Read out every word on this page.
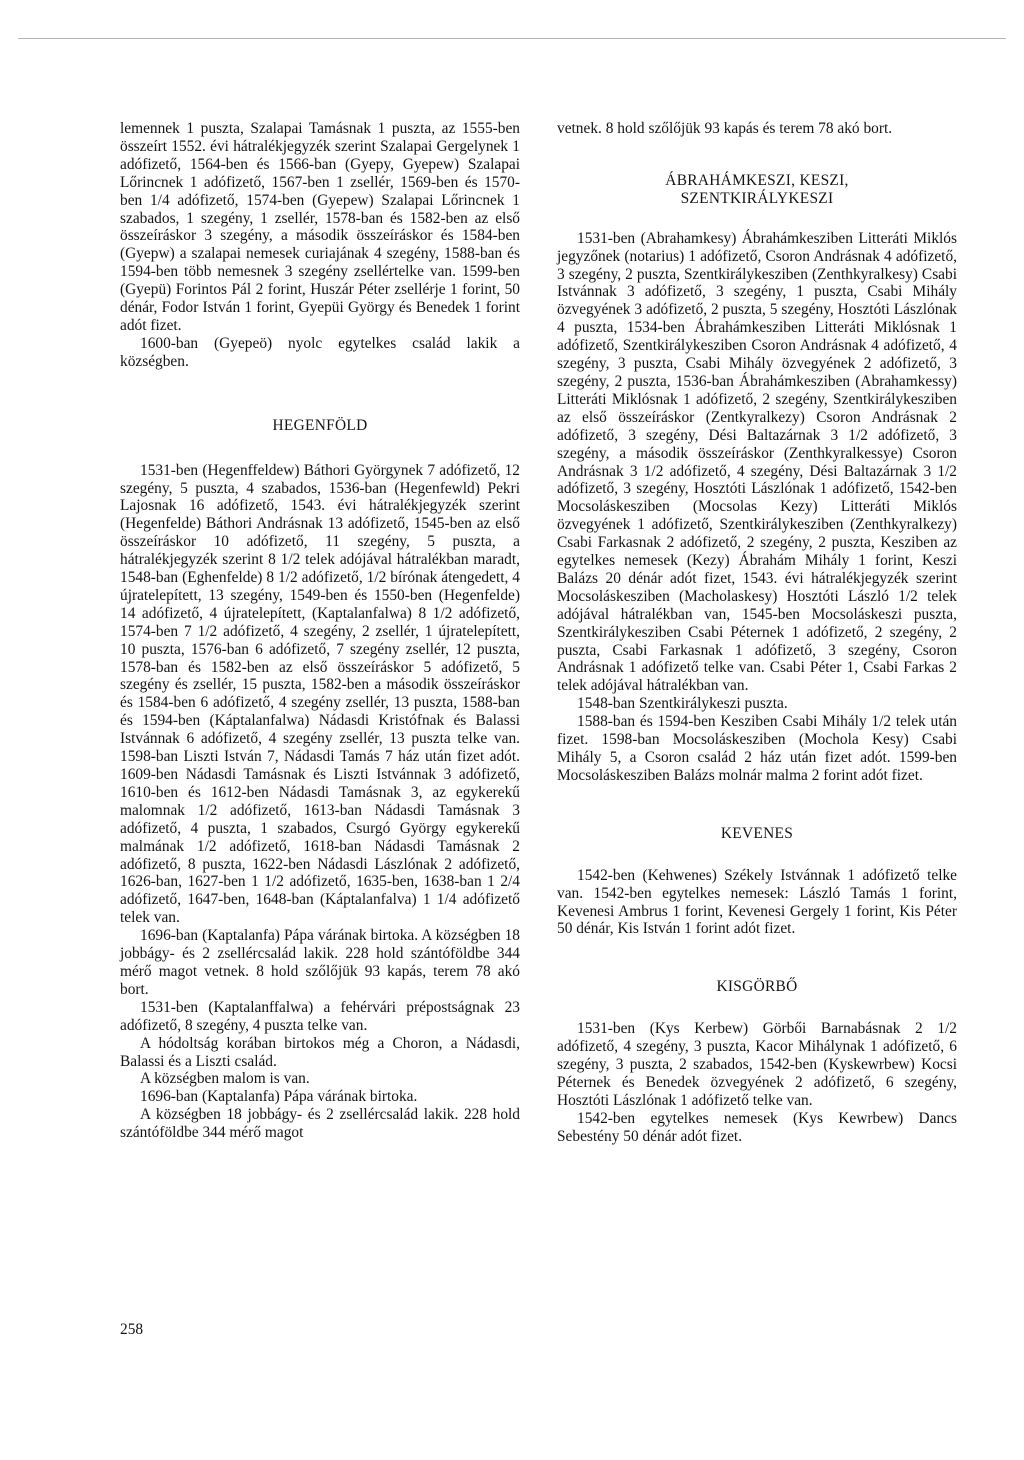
lemennek 1 puszta, Szalapai Tamásnak 1 puszta, az 1555-ben összeírt 1552. évi hátralékjegyzék szerint Szalapai Gergelynek 1 adófizető, 1564-ben és 1566-ban (Gyepy, Gyepew) Szalapai Lőrincnek 1 adófizető, 1567-ben 1 zsellér, 1569-ben és 1570-ben 1/4 adófizető, 1574-ben (Gyepew) Szalapai Lőrincnek 1 szabados, 1 szegény, 1 zsellér, 1578-ban és 1582-ben az első összeíráskor 3 szegény, a második összeíráskor és 1584-ben (Gyepw) a szalapai nemesek curiajának 4 szegény, 1588-ban és 1594-ben több nemesnek 3 szegény zsellértelke van. 1599-ben (Gyepü) Forintos Pál 2 forint, Huszár Péter zsellérje 1 forint, 50 dénár, Fodor István 1 forint, Gyepüi György és Benedek 1 forint adót fizet.

1600-ban (Gyepeö) nyolc egytelkes család lakik a községben.

HEGENFÖLD

1531-ben (Hegenffeldew) Báthori Györgynek 7 adófizető, 12 szegény, 5 puszta, 4 szabados, 1536-ban (Hegenfewld) Pekri Lajosnak 16 adófizető, 1543. évi hátralékjegyzék szerint (Hegenfelde) Báthori Andrásnak 13 adófizető, 1545-ben az első összeíráskor 10 adófizető, 11 szegény, 5 puszta, a hátralékjegyzék szerint 8 1/2 telek adójával hátralékban maradt, 1548-ban (Eghenfelde) 8 1/2 adófizető, 1/2 bírónak átengedett, 4 újratelepített, 13 szegény, 1549-ben és 1550-ben (Hegenfelde) 14 adófizető, 4 újratelepített, (Kaptalanfalwa) 8 1/2 adófizető, 1574-ben 7 1/2 adófizető, 4 szegény, 2 zsellér, 1 újratelepített, 10 puszta, 1576-ban 6 adófizető, 7 szegény zsellér, 12 puszta, 1578-ban és 1582-ben az első összeíráskor 5 adófizető, 5 szegény és zsellér, 15 puszta, 1582-ben a második összeíráskor és 1584-ben 6 adófizető, 4 szegény zsellér, 13 puszta, 1588-ban és 1594-ben (Káptalanfalwa) Nádasdi Kristófnak és Balassi Istvánnak 6 adófizető, 4 szegény zsellér, 13 puszta telke van. 1598-ban Liszti István 7, Nádasdi Tamás 7 ház után fizet adót. 1609-ben Nádasdi Tamásnak és Liszti Istvánnak 3 adófizető, 1610-ben és 1612-ben Nádasdi Tamásnak 3, az egykerekű malomnak 1/2 adófizető, 1613-ban Nádasdi Tamásnak 3 adófizető, 4 puszta, 1 szabados, Csurgó György egykerekű malmának 1/2 adófizető, 1618-ban Nádasdi Tamásnak 2 adófizető, 8 puszta, 1622-ben Nádasdi Lászlónak 2 adófizető, 1626-ban, 1627-ben 1 1/2 adófizető, 1635-ben, 1638-ban 1 2/4 adófizető, 1647-ben, 1648-ban (Káptalanfalva) 1 1/4 adófizető telek van.

1696-ban (Kaptalanfa) Pápa várának birtoka. A községben 18 jobbágy- és 2 zsellércsalád lakik. 228 hold szántóföldbe 344 mérő magot vetnek. 8 hold szőlőjük 93 kapás, terem 78 akó bort.

1531-ben (Kaptalanffalwa) a fehérvári prépostságnak 23 adófizető, 8 szegény, 4 puszta telke van.

A hódoltság korában birtokos még a Choron, a Nádasdi, Balassi és a Liszti család.

A községben malom is van.

1696-ban (Kaptalanfa) Pápa várának birtoka.

A községben 18 jobbágy- és 2 zsellércsalád lakik. 228 hold szántóföldbe 344 mérő magot

vetnek. 8 hold szőlőjük 93 kapás és terem 78 akó bort.

ÁBRAHÁMKESZI, KESZI,

SZENTKIRÁLYKESZI

1531-ben (Abrahamkesy) Ábrahámkesziben Litteráti Miklós jegyzőnek (notarius) 1 adófizető, Csoron Andrásnak 4 adófizető, 3 szegény, 2 puszta, Szentkirálykesziben (Zenthkyralkesy) Csabi Istvánnak 3 adófizető, 3 szegény, 1 puszta, Csabi Mihály özvegyének 3 adófizető, 2 puszta, 5 szegény, Hosztóti Lászlónak 4 puszta, 1534-ben Ábrahámkesziben Litteráti Miklósnak 1 adófizető, Szentkirálykesziben Csoron Andrásnak 4 adófizető, 4 szegény, 3 puszta, Csabi Mihály özvegyének 2 adófizető, 3 szegény, 2 puszta, 1536-ban Ábrahámkesziben (Abrahamkessy) Litteráti Miklósnak 1 adófizető, 2 szegény, Szentkirálykesziben az első összeíráskor (Zentkyralkezy) Csoron Andrásnak 2 adófizető, 3 szegény, Dési Baltazárnak 3 1/2 adófizető, 3 szegény, a második összeíráskor (Zenthkyralkessye) Csoron Andrásnak 3 1/2 adófizető, 4 szegény, Dési Baltazárnak 3 1/2 adófizető, 3 szegény, Hosztóti Lászlónak 1 adófizető, 1542-ben Mocsoláskesziben (Mocsolas Kezy) Litteráti Miklós özvegyének 1 adófizető, Szentkirálykesziben (Zenthkyralkezy) Csabi Farkasnak 2 adófizető, 2 szegény, 2 puszta, Kesziben az egytelkes nemesek (Kezy) Ábrahám Mihály 1 forint, Keszi Balázs 20 dénár adót fizet, 1543. évi hátralékjegyzék szerint Mocsoláskesziben (Macholaskesy) Hosztóti László 1/2 telek adójával hátralékban van, 1545-ben Mocsoláskeszi puszta, Szentkirálykesziben Csabi Péternek 1 adófizető, 2 szegény, 2 puszta, Csabi Farkasnak 1 adófizető, 3 szegény, Csoron Andrásnak 1 adófizető telke van. Csabi Péter 1, Csabi Farkas 2 telek adójával hátralékban van.

1548-ban Szentkirálykeszi puszta.

1588-ban és 1594-ben Kesziben Csabi Mihály 1/2 telek után fizet. 1598-ban Mocsoláskesziben (Mochola Kesy) Csabi Mihály 5, a Csoron család 2 ház után fizet adót. 1599-ben Mocsoláskesziben Balázs molnár malma 2 forint adót fizet.

KEVENES

1542-ben (Kehwenes) Székely Istvánnak 1 adófizető telke van. 1542-ben egytelkes nemesek: László Tamás 1 forint, Kevenesi Ambrus 1 forint, Kevenesi Gergely 1 forint, Kis Péter 50 dénár, Kis István 1 forint adót fizet.

KISGÖRBŐ

1531-ben (Kys Kerbew) Görbői Barnabásnak 2 1/2 adófizető, 4 szegény, 3 puszta, Kacor Mihálynak 1 adófizető, 6 szegény, 3 puszta, 2 szabados, 1542-ben (Kyskewrbew) Kocsi Péternek és Benedek özvegyének 2 adófizető, 6 szegény, Hosztóti Lászlónak 1 adófizető telke van.

1542-ben egytelkes nemesek (Kys Kewrbew) Dancs Sebestény 50 dénár adót fizet.

258
